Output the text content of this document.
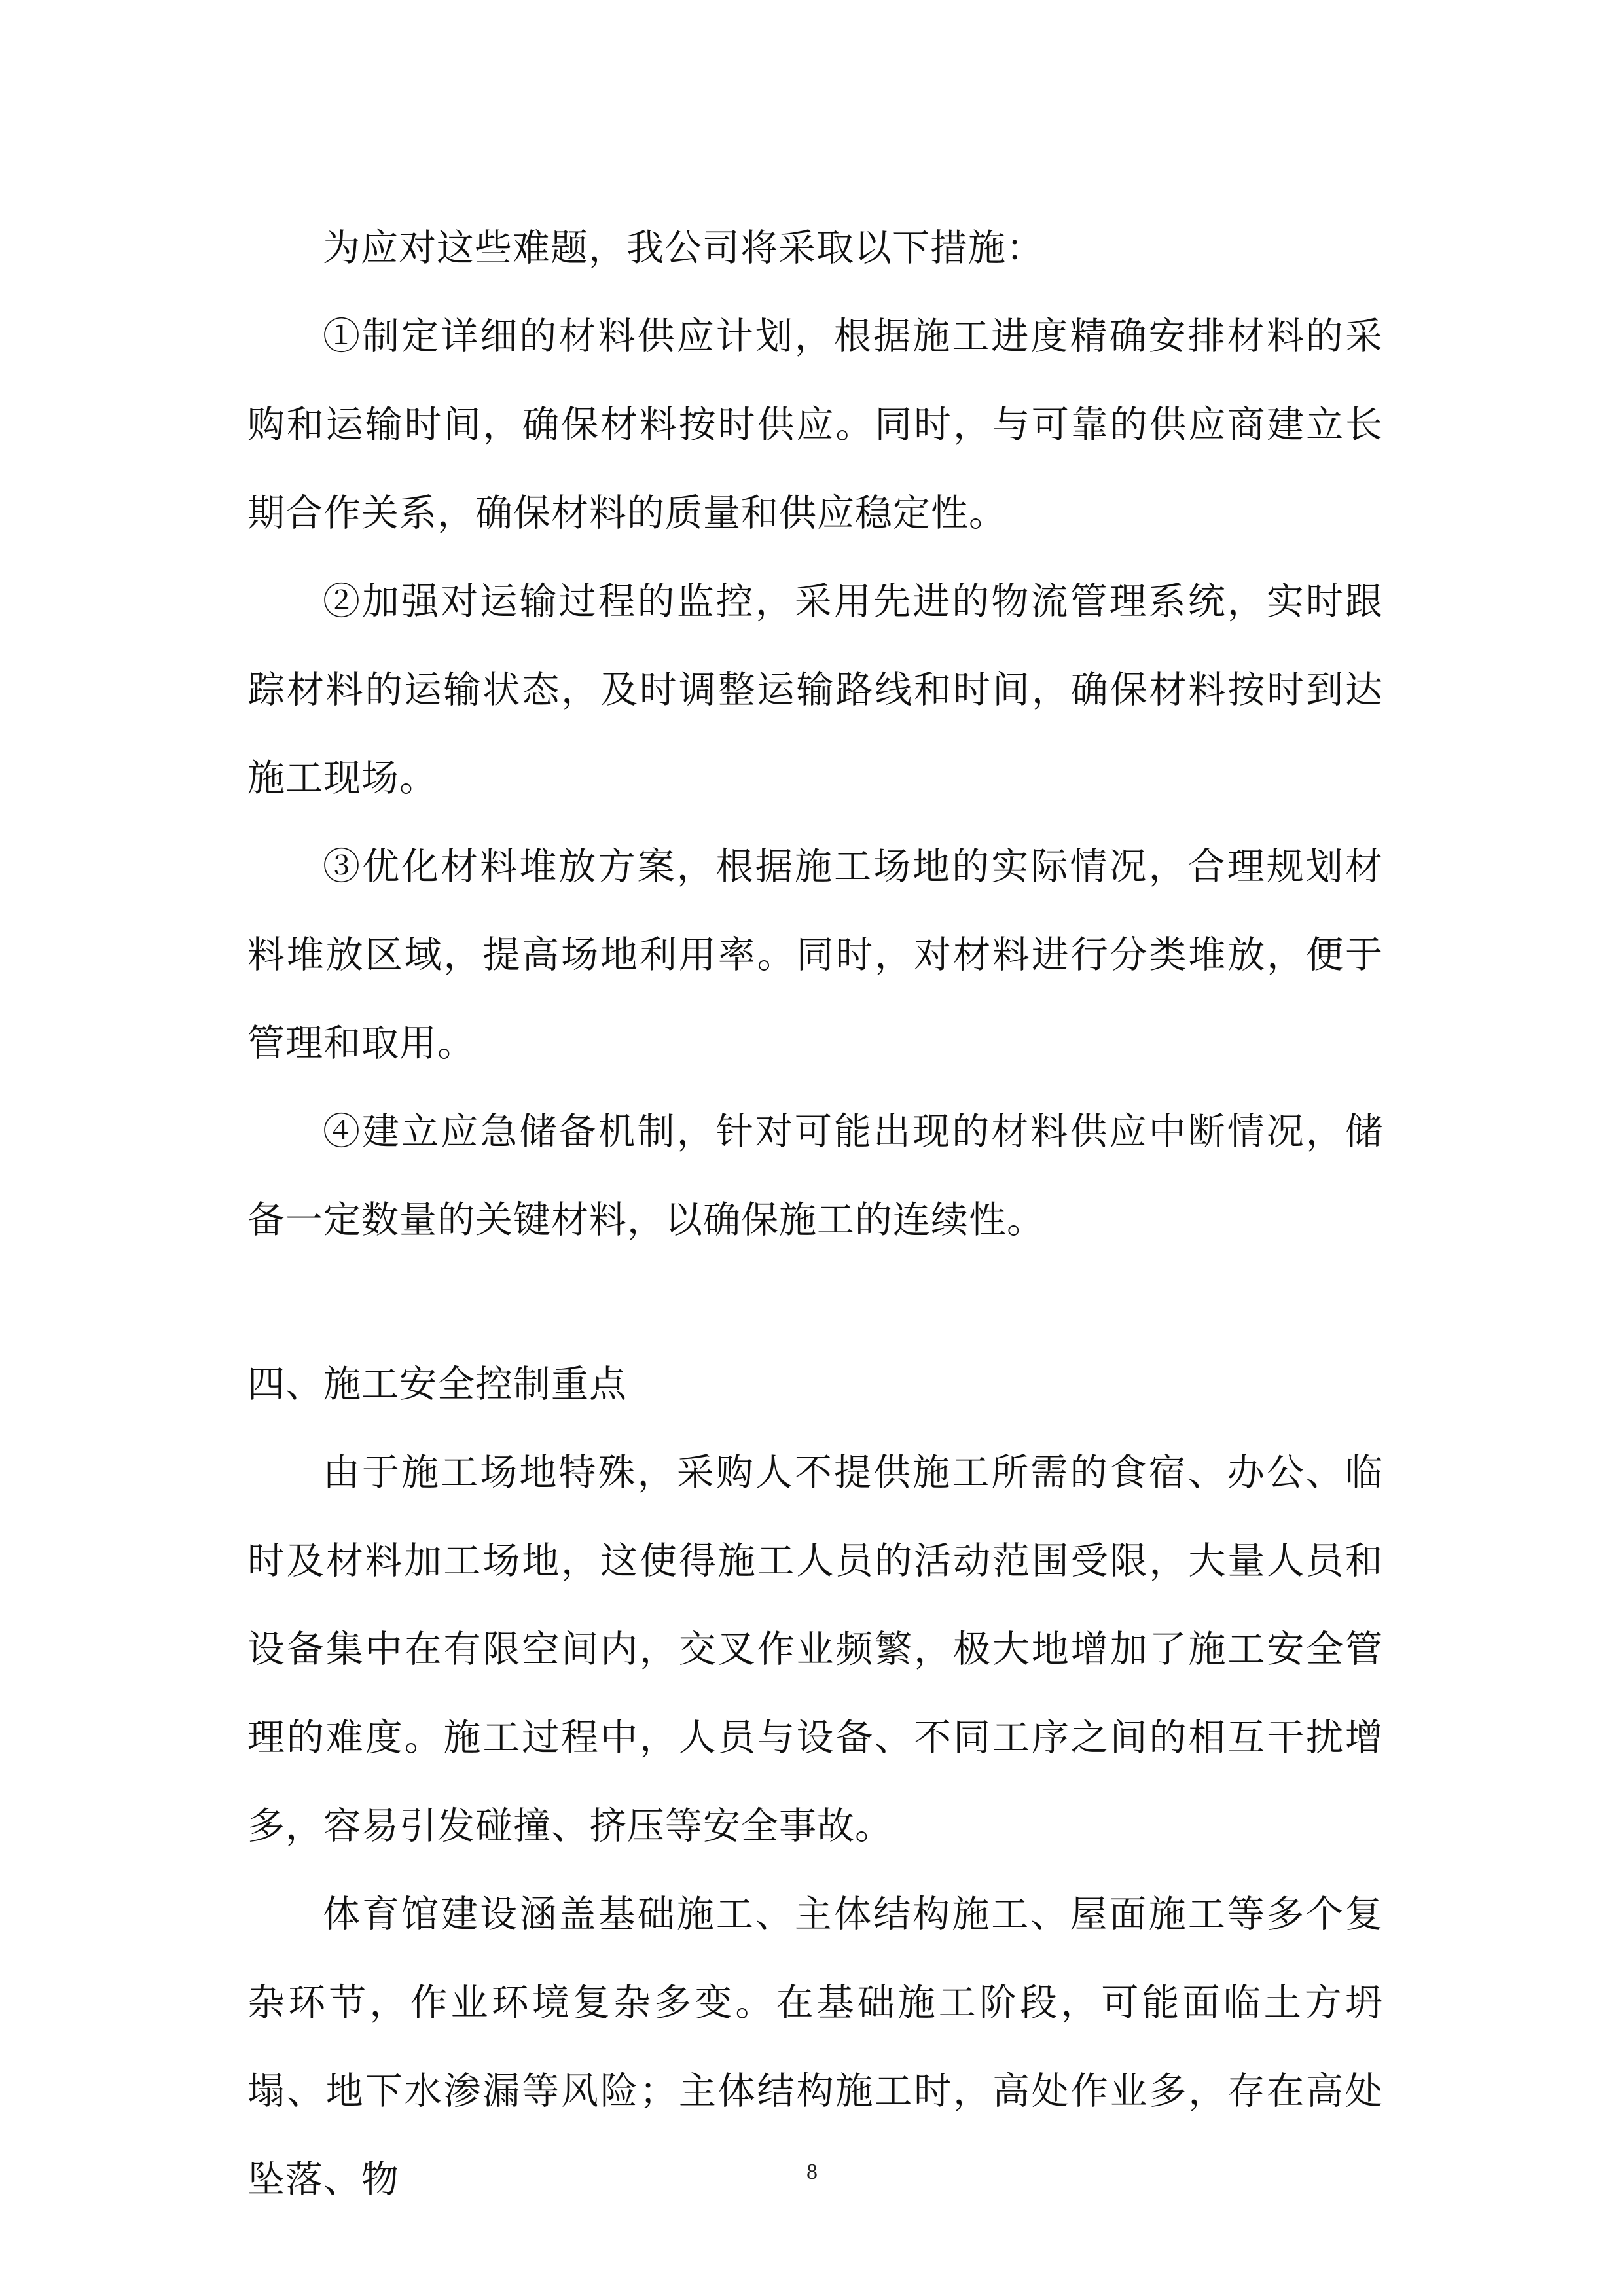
为应对这些难题，我公司将采取以下措施：

①制定详细的材料供应计划，根据施工进度精确安排材料的采购和运输时间，确保材料按时供应。同时，与可靠的供应商建立长期合作关系，确保材料的质量和供应稳定性。

②加强对运输过程的监控，采用先进的物流管理系统，实时跟踪材料的运输状态，及时调整运输路线和时间，确保材料按时到达施工现场。

③优化材料堆放方案，根据施工场地的实际情况，合理规划材料堆放区域，提高场地利用率。同时，对材料进行分类堆放，便于管理和取用。

④建立应急储备机制，针对可能出现的材料供应中断情况，储备一定数量的关键材料，以确保施工的连续性。

四、施工安全控制重点

由于施工场地特殊，采购人不提供施工所需的食宿、办公、临时及材料加工场地，这使得施工人员的活动范围受限，大量人员和设备集中在有限空间内，交叉作业频繁，极大地增加了施工安全管理的难度。施工过程中，人员与设备、不同工序之间的相互干扰增多，容易引发碰撞、挤压等安全事故。

体育馆建设涵盖基础施工、主体结构施工、屋面施工等多个复杂环节，作业环境复杂多变。在基础施工阶段，可能面临土方坍塌、地下水渗漏等风险；主体结构施工时，高处作业多，存在高处坠落、物	8
